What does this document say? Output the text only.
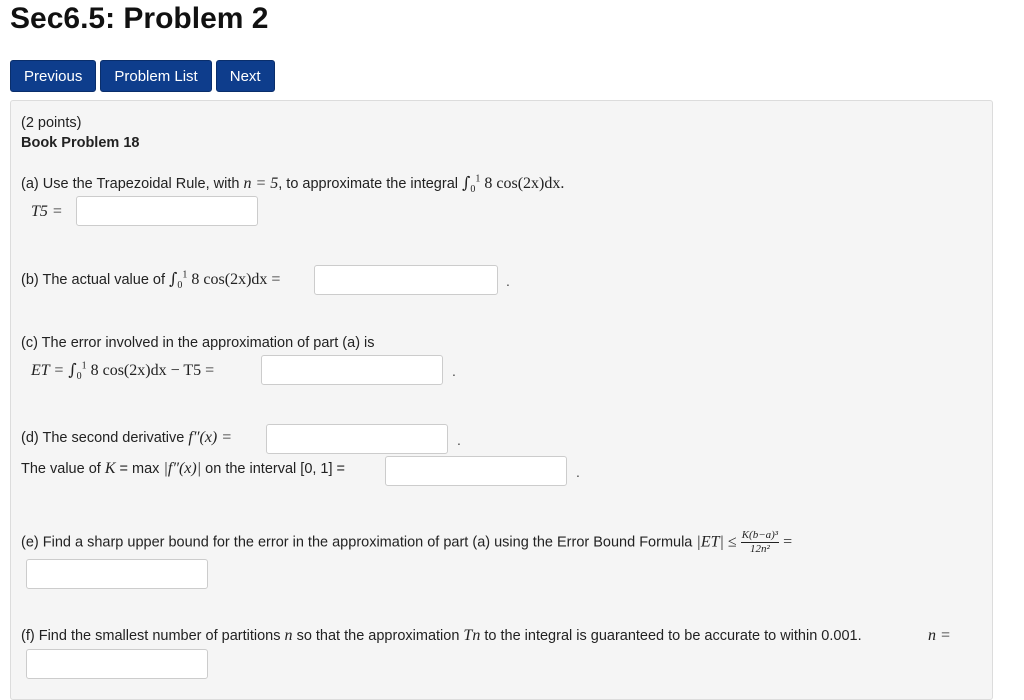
Sec6.5: Problem 2
Previous	Problem List	Next
(2 points)
Book Problem 18
(a) Use the Trapezoidal Rule, with n = 5, to approximate the integral $\int_0^1$ 8 cos(2x)dx.
T5 =
(b) The actual value of $\int_0^1$ 8 cos(2x)dx =	.
(c) The error involved in the approximation of part (a) is
ET = $\int_0^1$ 8 cos(2x)dx − T5 =	.
(d) The second derivative f″(x) =	.
The value of K = max |f″(x)| on the interval [0, 1] =	.
(e) Find a sharp upper bound for the error in the approximation of part (a) using the Error Bound Formula $|ET| \le \frac{\text{K(b−a)³}}{\text{12n²}}$ =
(f) Find the smallest number of partitions n so that the approximation Tn to the integral is guaranteed to be accurate to within 0.001.	n =
